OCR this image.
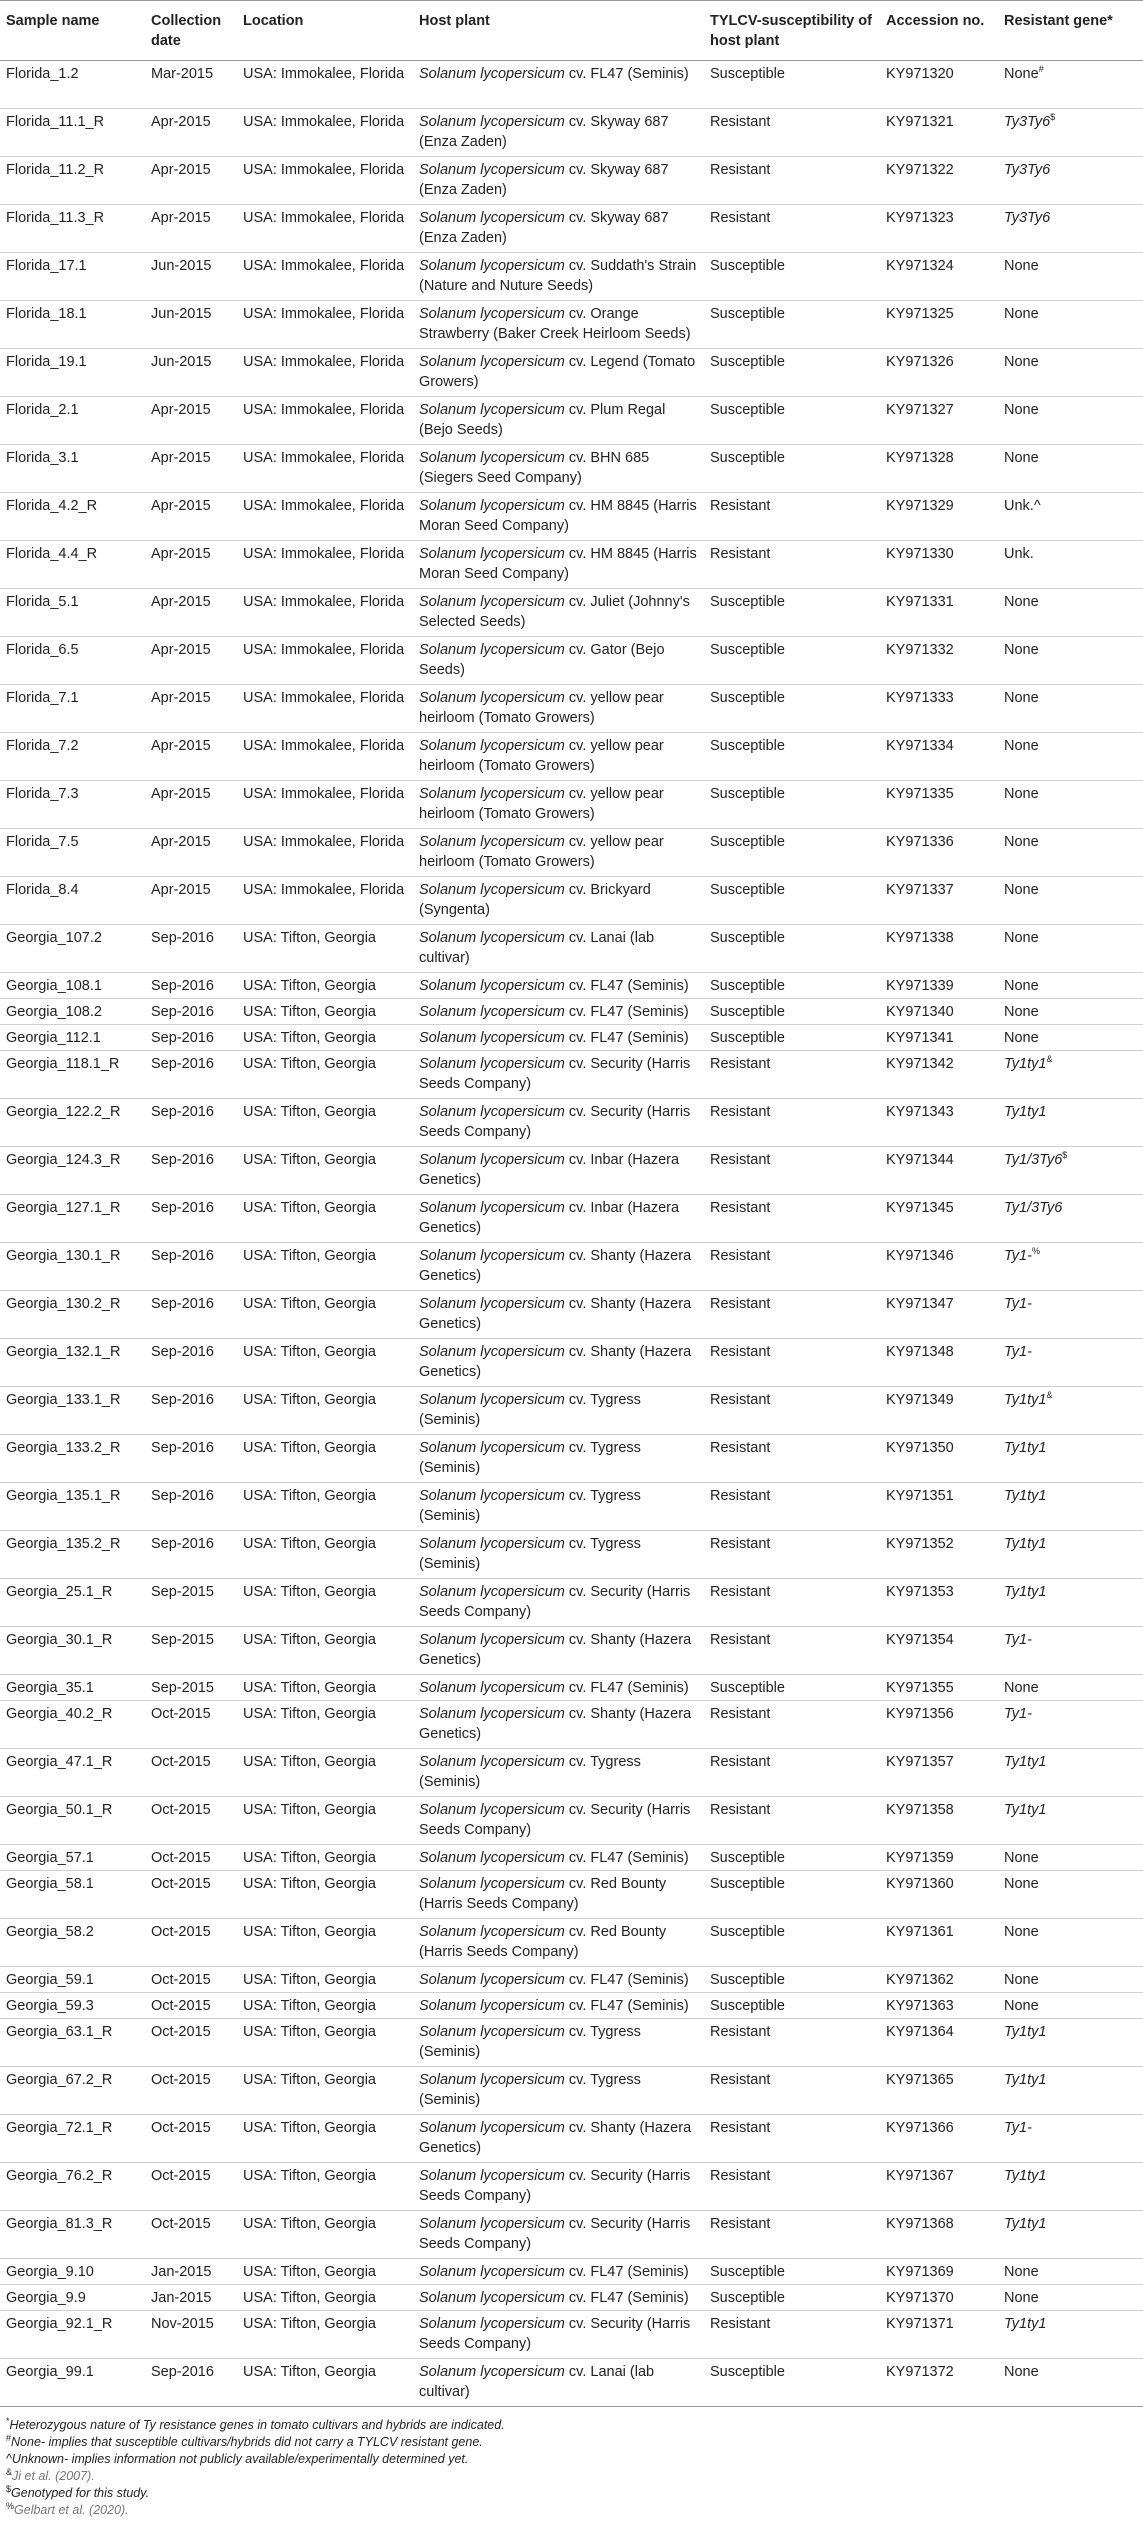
Sample name	Collection date	Location	Host plant	TYLCV-susceptibility of host plant	Accession no.	Resistant gene*
Florida_1.2	Mar-2015	USA: Immokalee, Florida	Solanum lycopersicum cv. FL47 (Seminis)	Susceptible	KY971320	None#
Florida_11.1_R	Apr-2015	USA: Immokalee, Florida	Solanum lycopersicum cv. Skyway 687 (Enza Zaden)	Resistant	KY971321	Ty3Ty6$
Florida_11.2_R	Apr-2015	USA: Immokalee, Florida	Solanum lycopersicum cv. Skyway 687 (Enza Zaden)	Resistant	KY971322	Ty3Ty6
Florida_11.3_R	Apr-2015	USA: Immokalee, Florida	Solanum lycopersicum cv. Skyway 687 (Enza Zaden)	Resistant	KY971323	Ty3Ty6
Florida_17.1	Jun-2015	USA: Immokalee, Florida	Solanum lycopersicum cv. Suddath's Strain (Nature and Nuture Seeds)	Susceptible	KY971324	None
Florida_18.1	Jun-2015	USA: Immokalee, Florida	Solanum lycopersicum cv. Orange Strawberry (Baker Creek Heirloom Seeds)	Susceptible	KY971325	None
Florida_19.1	Jun-2015	USA: Immokalee, Florida	Solanum lycopersicum cv. Legend (Tomato Growers)	Susceptible	KY971326	None
Florida_2.1	Apr-2015	USA: Immokalee, Florida	Solanum lycopersicum cv. Plum Regal (Bejo Seeds)	Susceptible	KY971327	None
Florida_3.1	Apr-2015	USA: Immokalee, Florida	Solanum lycopersicum cv. BHN 685 (Siegers Seed Company)	Susceptible	KY971328	None
Florida_4.2_R	Apr-2015	USA: Immokalee, Florida	Solanum lycopersicum cv. HM 8845 (Harris Moran Seed Company)	Resistant	KY971329	Unk.^
Florida_4.4_R	Apr-2015	USA: Immokalee, Florida	Solanum lycopersicum cv. HM 8845 (Harris Moran Seed Company)	Resistant	KY971330	Unk.
Florida_5.1	Apr-2015	USA: Immokalee, Florida	Solanum lycopersicum cv. Juliet (Johnny's Selected Seeds)	Susceptible	KY971331	None
Florida_6.5	Apr-2015	USA: Immokalee, Florida	Solanum lycopersicum cv. Gator (Bejo Seeds)	Susceptible	KY971332	None
Florida_7.1	Apr-2015	USA: Immokalee, Florida	Solanum lycopersicum cv. yellow pear heirloom (Tomato Growers)	Susceptible	KY971333	None
Florida_7.2	Apr-2015	USA: Immokalee, Florida	Solanum lycopersicum cv. yellow pear heirloom (Tomato Growers)	Susceptible	KY971334	None
Florida_7.3	Apr-2015	USA: Immokalee, Florida	Solanum lycopersicum cv. yellow pear heirloom (Tomato Growers)	Susceptible	KY971335	None
Florida_7.5	Apr-2015	USA: Immokalee, Florida	Solanum lycopersicum cv. yellow pear heirloom (Tomato Growers)	Susceptible	KY971336	None
Florida_8.4	Apr-2015	USA: Immokalee, Florida	Solanum lycopersicum cv. Brickyard (Syngenta)	Susceptible	KY971337	None
Georgia_107.2	Sep-2016	USA: Tifton, Georgia	Solanum lycopersicum cv. Lanai (lab cultivar)	Susceptible	KY971338	None
Georgia_108.1	Sep-2016	USA: Tifton, Georgia	Solanum lycopersicum cv. FL47 (Seminis)	Susceptible	KY971339	None
Georgia_108.2	Sep-2016	USA: Tifton, Georgia	Solanum lycopersicum cv. FL47 (Seminis)	Susceptible	KY971340	None
Georgia_112.1	Sep-2016	USA: Tifton, Georgia	Solanum lycopersicum cv. FL47 (Seminis)	Susceptible	KY971341	None
Georgia_118.1_R	Sep-2016	USA: Tifton, Georgia	Solanum lycopersicum cv. Security (Harris Seeds Company)	Resistant	KY971342	Ty1ty1&
Georgia_122.2_R	Sep-2016	USA: Tifton, Georgia	Solanum lycopersicum cv. Security (Harris Seeds Company)	Resistant	KY971343	Ty1ty1
Georgia_124.3_R	Sep-2016	USA: Tifton, Georgia	Solanum lycopersicum cv. Inbar (Hazera Genetics)	Resistant	KY971344	Ty1/3Ty6$
Georgia_127.1_R	Sep-2016	USA: Tifton, Georgia	Solanum lycopersicum cv. Inbar (Hazera Genetics)	Resistant	KY971345	Ty1/3Ty6
Georgia_130.1_R	Sep-2016	USA: Tifton, Georgia	Solanum lycopersicum cv. Shanty (Hazera Genetics)	Resistant	KY971346	Ty1-%
Georgia_130.2_R	Sep-2016	USA: Tifton, Georgia	Solanum lycopersicum cv. Shanty (Hazera Genetics)	Resistant	KY971347	Ty1-
Georgia_132.1_R	Sep-2016	USA: Tifton, Georgia	Solanum lycopersicum cv. Shanty (Hazera Genetics)	Resistant	KY971348	Ty1-
Georgia_133.1_R	Sep-2016	USA: Tifton, Georgia	Solanum lycopersicum cv. Tygress (Seminis)	Resistant	KY971349	Ty1ty1&
Georgia_133.2_R	Sep-2016	USA: Tifton, Georgia	Solanum lycopersicum cv. Tygress (Seminis)	Resistant	KY971350	Ty1ty1
Georgia_135.1_R	Sep-2016	USA: Tifton, Georgia	Solanum lycopersicum cv. Tygress (Seminis)	Resistant	KY971351	Ty1ty1
Georgia_135.2_R	Sep-2016	USA: Tifton, Georgia	Solanum lycopersicum cv. Tygress (Seminis)	Resistant	KY971352	Ty1ty1
Georgia_25.1_R	Sep-2015	USA: Tifton, Georgia	Solanum lycopersicum cv. Security (Harris Seeds Company)	Resistant	KY971353	Ty1ty1
Georgia_30.1_R	Sep-2015	USA: Tifton, Georgia	Solanum lycopersicum cv. Shanty (Hazera Genetics)	Resistant	KY971354	Ty1-
Georgia_35.1	Sep-2015	USA: Tifton, Georgia	Solanum lycopersicum cv. FL47 (Seminis)	Susceptible	KY971355	None
Georgia_40.2_R	Oct-2015	USA: Tifton, Georgia	Solanum lycopersicum cv. Shanty (Hazera Genetics)	Resistant	KY971356	Ty1-
Georgia_47.1_R	Oct-2015	USA: Tifton, Georgia	Solanum lycopersicum cv. Tygress (Seminis)	Resistant	KY971357	Ty1ty1
Georgia_50.1_R	Oct-2015	USA: Tifton, Georgia	Solanum lycopersicum cv. Security (Harris Seeds Company)	Resistant	KY971358	Ty1ty1
Georgia_57.1	Oct-2015	USA: Tifton, Georgia	Solanum lycopersicum cv. FL47 (Seminis)	Susceptible	KY971359	None
Georgia_58.1	Oct-2015	USA: Tifton, Georgia	Solanum lycopersicum cv. Red Bounty (Harris Seeds Company)	Susceptible	KY971360	None
Georgia_58.2	Oct-2015	USA: Tifton, Georgia	Solanum lycopersicum cv. Red Bounty (Harris Seeds Company)	Susceptible	KY971361	None
Georgia_59.1	Oct-2015	USA: Tifton, Georgia	Solanum lycopersicum cv. FL47 (Seminis)	Susceptible	KY971362	None
Georgia_59.3	Oct-2015	USA: Tifton, Georgia	Solanum lycopersicum cv. FL47 (Seminis)	Susceptible	KY971363	None
Georgia_63.1_R	Oct-2015	USA: Tifton, Georgia	Solanum lycopersicum cv. Tygress (Seminis)	Resistant	KY971364	Ty1ty1
Georgia_67.2_R	Oct-2015	USA: Tifton, Georgia	Solanum lycopersicum cv. Tygress (Seminis)	Resistant	KY971365	Ty1ty1
Georgia_72.1_R	Oct-2015	USA: Tifton, Georgia	Solanum lycopersicum cv. Shanty (Hazera Genetics)	Resistant	KY971366	Ty1-
Georgia_76.2_R	Oct-2015	USA: Tifton, Georgia	Solanum lycopersicum cv. Security (Harris Seeds Company)	Resistant	KY971367	Ty1ty1
Georgia_81.3_R	Oct-2015	USA: Tifton, Georgia	Solanum lycopersicum cv. Security (Harris Seeds Company)	Resistant	KY971368	Ty1ty1
Georgia_9.10	Jan-2015	USA: Tifton, Georgia	Solanum lycopersicum cv. FL47 (Seminis)	Susceptible	KY971369	None
Georgia_9.9	Jan-2015	USA: Tifton, Georgia	Solanum lycopersicum cv. FL47 (Seminis)	Susceptible	KY971370	None
Georgia_92.1_R	Nov-2015	USA: Tifton, Georgia	Solanum lycopersicum cv. Security (Harris Seeds Company)	Resistant	KY971371	Ty1ty1
Georgia_99.1	Sep-2016	USA: Tifton, Georgia	Solanum lycopersicum cv. Lanai (lab cultivar)	Susceptible	KY971372	None
*Heterozygous nature of Ty resistance genes in tomato cultivars and hybrids are indicated.
#None- implies that susceptible cultivars/hybrids did not carry a TYLCV resistant gene.
^Unknown- implies information not publicly available/experimentally determined yet.
&Ji et al. (2007).
$Genotyped for this study.
%Gelbart et al. (2020).
